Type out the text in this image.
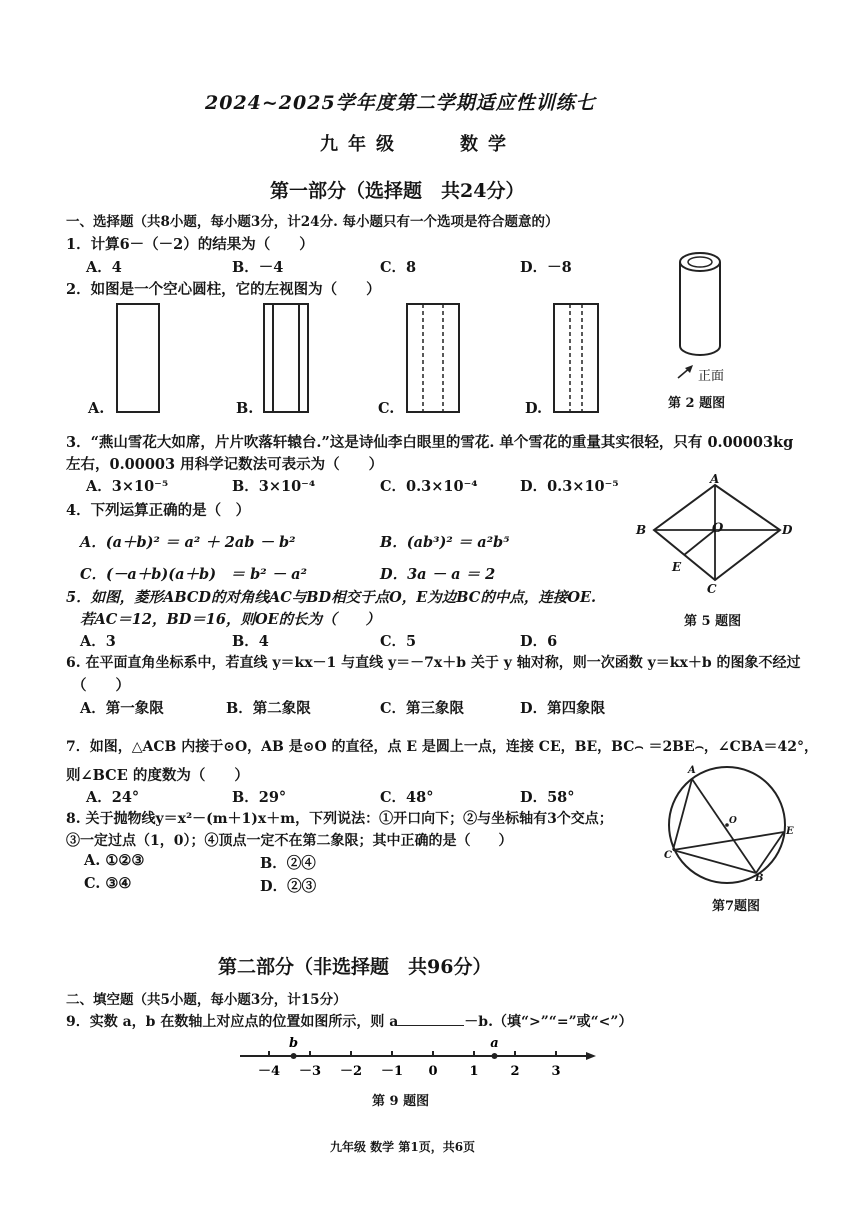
2024~2025学年度第二学期适应性训练七
九年级	数学
第一部分（选择题　共24分）
一、选择题（共8小题，每小题3分，计24分. 每小题只有一个选项是符合题意的）
1．计算6－（－2）的结果为（　　）
A．4	B．－4	C．8	D．－8
2．如图是一个空心圆柱，它的左视图为（　　）
A.	B.	C.	D.
正面
第 2 题图
3．“燕山雪花大如席，片片吹落轩辕台.”这是诗仙李白眼里的雪花. 单个雪花的重量其实很轻，只有 0.00003kg
左右，0.00003 用科学记数法可表示为（　　）
A．3×10⁻⁵	B．3×10⁻⁴	C．0.3×10⁻⁴	D．0.3×10⁻⁵
4．下列运算正确的是（　）
A．(a＋b)² ＝ a² ＋ 2ab － b²	B．(ab³)² ＝ a²b⁵
C．(－a＋b)(a＋b)　＝ b² － a²	D．3a － a ＝ 2
A
B	O	D
E
C
第 5 题图
5．如图，菱形ABCD的对角线AC与BD相交于点O，E为边BC的中点，连接OE.
若AC＝12，BD＝16，则OE的长为（　　）
A．3	B．4	C．5	D．6
6. 在平面直角坐标系中，若直线 y＝kx－1 与直线 y＝－7x＋b 关于 y 轴对称，则一次函数 y＝kx＋b 的图象不经过
（　　）
A．第一象限	B．第二象限	C．第三象限	D．第四象限
7．如图，△ACB 内接于⊙O，AB 是⊙O 的直径，点 E 是圆上一点，连接 CE，BE，BC⌢ ＝2BE⌢，∠CBA＝42°，
则∠BCE 的度数为（　　）
A．24°	B．29°	C．48°	D．58°
A
O
E
C
B
第7题图
8. 关于抛物线y＝x²－(m＋1)x＋m，下列说法：①开口向下；②与坐标轴有3个交点；
③一定过点（1，0）；④顶点一定不在第二象限；其中正确的是（　　）
A. ①②③	B．②④
C. ③④	D．②③
第二部分（非选择题　共96分）
二、填空题（共5小题，每小题3分，计15分）
9．实数 a，b 在数轴上对应点的位置如图所示，则 a	－b.（填“>”“=”或“<”）
－4 －3 －2 －1 0 1 2 3
b	a
第 9 题图
九年级 数学 第1页，共6页
